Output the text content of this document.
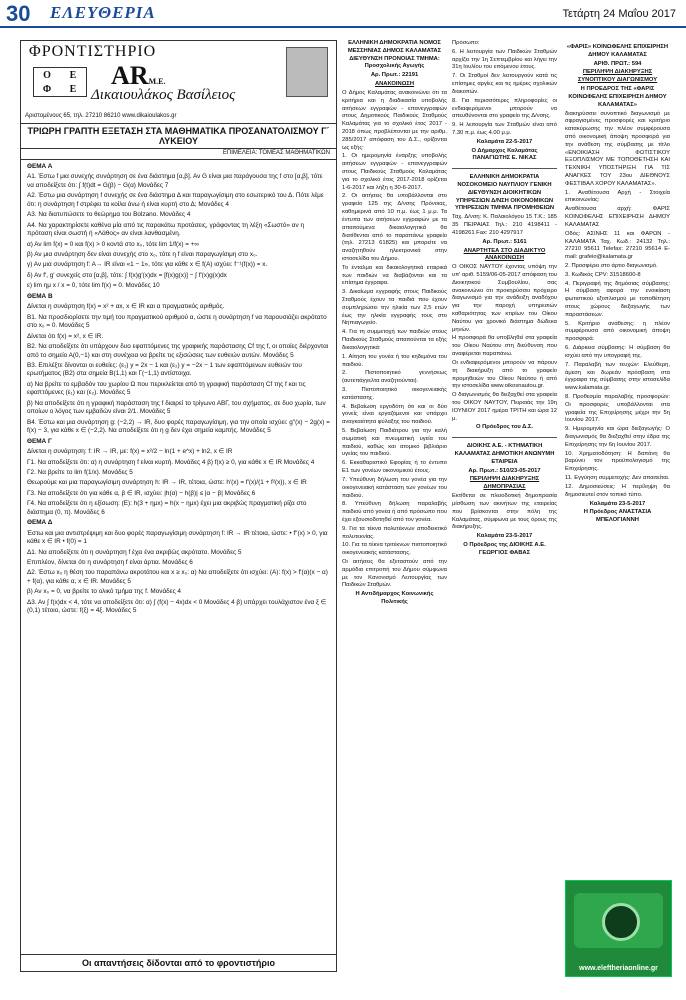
30 ΕΛΕΥΘΕΡΙΑ	Τετάρτη 24 Μαΐου 2017
ΦΡΟΝΤΙΣΤΗΡΙΟ
Ο Ε
Φ Ε ARΜ.Ε.
Δικαιουλάκος Βασίλειος
Αριστομένους 65, τηλ. 27210 86210 www.dikaioulakos.gr
ΤΡΙΩΡΗ ΓΡΑΠΤΗ ΕΞΕΤΑΣΗ ΣΤΑ ΜΑΘΗΜΑΤΙΚΑ ΠΡΟΣΑΝΑΤΟΛΙΣΜΟΥ Γ΄ ΛΥΚΕΙΟΥ
ΕΠΙΜΕΛΕΙΑ: ΤΟΜΕΑΣ ΜΑΘΗΜΑΤΙΚΩΝ

ΘΕΜΑ Α

Α1. Έστω f μια συνεχής συνάρτηση σε ένα διάστημα [α,β]. Αν G είναι μια παράγουσα της f στο [α,β], τότε να αποδείξετε ότι: ∫ f(t)dt = G(β) − G(α) Μονάδες 7

Α2. Έστω μια συνάρτηση f συνεχής σε ένα διάστημα Δ και παραγωγίσιμη στο εσωτερικό του Δ. Πότε λέμε ότι: η συνάρτηση f στρέφει τα κοίλα άνω ή είναι κυρτή στο Δ; Μονάδες 4

Α3. Να διατυπώσετε το θεώρημα του Bolzano. Μονάδες 4

Α4. Να χαρακτηρίσετε καθένα μία από τις παρακάτω προτάσεις, γράφοντας τη λέξη «Σωστό» αν η πρόταση είναι σωστή ή «Λάθος» αν είναι λανθασμένη.

α) Αν lim f(x) = 0 και f(x) > 0 κοντά στο x₀, τότε lim 1/f(x) = +∞

β) Αν μια συνάρτηση δεν είναι συνεχής στο x₀, τότε η f είναι παραγωγίσιμη στο x₀.

γ) Αν μια συνάρτηση f: A→ IR είναι «1 − 1», τότε για κάθε x ∈ f(A) ισχύει: f⁻¹(f(x)) = x.

δ) Αν f′, g′ συνεχείς στο [α,β], τότε: ∫ f(x)g′(x)dx = [f(x)g(x)] − ∫ f′(x)g(x)dx

ε) lim ημ x / x = 0, τότε lim f(x) = 0. Μονάδες 10

ΘΕΜΑ Β

Δίνεται η συνάρτηση f(x) = x² + αx, x ∈ IR και α πραγματικός αριθμός.

Β1. Να προσδιορίσετε την τιμή του πραγματικού αριθμού α, ώστε η συνάρτηση f να παρουσιάζει ακρότατο στο x₀ = 0. Μονάδες 5

Δίνεται ότι f(x) = x², x ∈ IR.

Β2. Να αποδείξετε ότι υπάρχουν δυο εφαπτόμενες της γραφικής παράστασης Cf της f, οι οποίες διέρχονται από το σημείο Α(0,−1) και στη συνέχεια να βρείτε τις εξισώσεις των ευθειών αυτών. Μονάδες 5

Β3. Επιλέξτε δίνονται οι ευθείες: (ε₁) y = 2x − 1 και (ε₂) y = −2x − 1 των εφαπτόμενων ευθειών του ερωτήματος (Β2) στα σημεία Β(1,1) και Γ(−1,1) αντίστοιχα.

α) Να βρείτε το εμβαδόν του χωρίου Ω που περικλείεται από τη γραφική παράσταση Cf της f και τις εφαπτόμενες (ε₁) και (ε₂). Μονάδες 5

β) Να αποδείξετε ότι η γραφική παράσταση της f διαιρεί το τρίγωνο ΑΒΓ, του σχήματος, σε δυο χωρία, των οποίων ο λόγος των εμβαδών είναι 2/1. Μονάδες 5

Β4. Έστω και μια συνάρτηση g: (−2,2) → IR, δυο φορές παραγωγίσιμη, για την οποία ισχύει: g″(x) − 2g(x) = f(x) − 3, για κάθε x ∈ (−2,2). Να αποδείξετε ότι η g δεν έχει σημεία καμπής. Μονάδες 5

ΘΕΜΑ Γ

Δίνεται η συνάρτηση: f: IR → IR, με: f(x) = x²/2 − ln(1 + e^x) + ln2, x ∈ IR

Γ1. Να αποδείξετε ότι: α) η συνάρτηση f είναι κυρτή. Μονάδες 4 β) f(x) ≥ 0, για κάθε x ∈ IR Μονάδες 4

Γ2. Να βρείτε το lim f(1/x). Μονάδες 5

Θεωρούμε και μια παραγωγίσιμη συνάρτηση h: IR → IR, τέτοια, ώστε: h′(x) = f′(x)/(1 + f²(x)), x ∈ IR

Γ3. Να αποδείξετε ότι για κάθε α, β ∈ IR, ισχύει: |h(α) − h(β)| ≤ |α − β| Μονάδες 6

Γ4. Να αποδείξετε ότι η εξίσωση: (Ε): h(3 + ημx) = h(x − ημx) έχει μια ακριβώς πραγματική ρίζα στο διάστημα (0, π). Μονάδες 6

ΘΕΜΑ Δ

Έστω και μια αντιστρέψιμη και δυο φορές παραγωγίσιμη συνάρτηση f: IR → IR τέτοια, ώστε: • f″(x) > 0, για κάθε x ∈ IR • f(0) = 1

Δ1. Να αποδείξετε ότι η συνάρτηση f έχει ένα ακριβώς ακρότατο. Μονάδες 5

Επιπλέον, δίνεται ότι η συνάρτηση f είναι άρτια. Μονάδες 6

Δ2. Έστω x₀ η θέση του παραπάνω ακροτάτου και x ≥ x₀: α) Να αποδείξετε ότι ισχύει: (Α): f(x) > f′(α)(x − α) + f(α), για κάθε α, x ∈ IR. Μονάδες 5

β) Αν x₀ = 0, να βρείτε το ολικό τμήμα της f. Μονάδες 4

Δ3. Αν ∫ f(x)dx < 4, τότε να αποδείξετε ότι: α) ∫ (f(x) − 4x)dx < 0 Μονάδες 4 β) υπάρχει τουλάχιστον ένα ξ ∈ (0,1) τέτοιο, ώστε: f(ξ) = 4ξ. Μονάδες 5

Οι απαντήσεις δίδονται από το φροντιστήριο

ΕΛΛΗΝΙΚΗ ΔΗΜΟΚΡΑΤΙΑ ΝΟΜΟΣ ΜΕΣΣΗΝΙΑΣ ΔΗΜΟΣ ΚΑΛΑΜΑΤΑΣ ΔΙΕΥΘΥΝΣΗ ΠΡΟΝΟΙΑΣ ΤΜΗΜΑ: Προσχολικής Αγωγής

Αρ. Πρωτ.: 22191

ΑΝΑΚΟΙΝΩΣΗ

Ο Δήμος Καλαμάτας ανακοινώνει ότι τα κριτήρια και η διαδικασία υποβολής αιτήσεων εγγραφών - επανεγγραφών στους Δημοτικούς Παιδικούς Σταθμούς Καλαμάτας για το σχολικό έτος 2017 - 2018 όπως προβλέπονται με την αριθμ. 285/2017 απόφαση του Δ.Σ., ορίζονται ως εξής:

1. Οι ημερομηνία έναρξης υποβολής αιτήσεων εγγραφών - επανεγγραφών στους Παιδικούς Σταθμούς Καλαμάτας για το σχολικό έτος 2017-2018 ορίζεται 1-6-2017 και λήξη η 30-6-2017.

2. Οι αιτήσεις θα υποβάλλονται στο γραφείο 125 της Δ/νσης Πρόνοιας, καθημερινά από 10 π.μ. έως 1 μ.μ. Τα έντυπα των αιτήσεων εγγραφών με τα απαιτούμενα δικαιολογητικά θα διατίθενται από το παραπάνω γραφείο (τηλ. 27213 61825) και μπορείτε να αναζητηθούν ηλεκτρονικά στην ιστοσελίδα του Δήμου.

Το ένταλμα και δικαιολογητικά εταιρικά των παιδιών να διαβάζονται και τα επίσημα έγγραφα.

3. Δικαίωμα εγγραφής στους Παιδικούς Σταθμούς έχουν τα παιδιά που έχουν συμπληρώσει την ηλικία των 2,5 ετών έως την ηλικία εγγραφής τους στο Νηπιαγωγείο.

4. Για τη συμμετοχή των παιδιών στους Παιδικούς Σταθμούς απαιτούνται τα εξής δικαιολογητικά:

1. Αίτηση του γονέα ή του κηδεμόνα του παιδιού.

2. Πιστοποιητικό γεννήσεως (αυτεπάγγελτα αναζητούνται).

3. Πιστοποιητικό οικογενειακής κατάστασης.

4. Βεβαίωση εργοδότη ότι και οι δύο γονείς είναι εργαζόμενοι και υπάρχει αναγκαιότητα φύλαξης του παιδιού.

5. Βεβαίωση Παιδιάτρου για την καλή σωματική και πνευματική υγεία του παιδιού, καθώς και ατομικό βιβλιάριο υγείας του παιδιού.

6. Εκκαθαριστικό Εφορίας ή το έντυπο Ε1 των γονέων οικονομικού έτους.

7. Υπεύθυνη δήλωση του γονέα για την οικογενειακή κατάσταση των γονέων του παιδιού.

8. Υπεύθυνη δήλωση παραλαβής παιδιού από γονέα ή από πρόσωπο που έχει εξουσιοδοτηθεί από τον γονέα.

9. Για τα τέκνα πολυτέκνων αποδεικτικό πολυτεκνίας.

10. Για τα τέκνα τριτέκνων πιστοποιητικό οικογενειακής κατάστασης.

Οι αιτήσεις θα εξεταστούν από την αρμόδια επιτροπή του Δήμου σύμφωνα με τον Κανονισμό Λειτουργίας των Παιδικών Σταθμών.

Η Αντιδήμαρχος Κοινωνικής Πολιτικής

Πρόσωπο:

6. Η λειτουργία των Παιδικών Σταθμών αρχίζει την 1η Σεπτεμβρίου και λήγει την 31η Ιουλίου του επόμενου έτους.

7. Οι Σταθμοί δεν λειτουργούν κατά τις επίσημες αργίες και τις ημέρες σχολικών διακοπών.

8. Για περισσότερες πληροφορίες οι ενδιαφερόμενοι μπορούν να απευθύνονται στο γραφείο της Δ/νσης.

9. Η λειτουργία των Σταθμών είναι από 7.30 π.μ. έως 4.00 μ.μ.

Καλαμάτα 22-5-2017

Ο Δήμαρχος Καλαμάτας ΠΑΝΑΓΙΩΤΗΣ Ε. ΝΙΚΑΣ

ΕΛΛΗΝΙΚΗ ΔΗΜΟΚΡΑΤΙΑ ΝΟΣΟΚΟΜΕΙΟ ΝΑΥΠΛΙΟΥ ΓΕΝΙΚΗ ΔΙΕΥΘΥΝΣΗ ΔΙΟΙΚΗΤΙΚΩΝ ΥΠΗΡΕΣΙΩΝ Δ/ΝΣΗ ΟΙΚΟΝΟΜΙΚΩΝ ΥΠΗΡΕΣΙΩΝ ΤΜΗΜΑ ΠΡΟΜΗΘΕΙΩΝ

Ταχ. Δ/νση: Κ. Παλαιολόγου 15 Τ.Κ.: 185 35 ΠΕΙΡΑΙΑΣ Τηλ.: 210 4198411 - 4198261 Fax: 210 4297917

Αρ. Πρωτ.: 5161

ΑΝΑΡΤΗΤΕΑ ΣΤΟ ΔΙΑΔΙΚΤΥΟ ΑΝΑΚΟΙΝΩΣΗ

Ο ΟΙΚΟΣ ΝΑΥΤΟΥ έχοντας υπόψη την υπ' αριθ. 5159/06-05-2017 απόφαση του Διοικητικού Συμβουλίου, σας ανακοινώνει ότι προκηρύσσει πρόχειρο διαγωνισμό για την ανάδειξη αναδόχου για την παροχή υπηρεσιών καθαριότητας των κτιρίων του Οίκου Ναύτου για χρονικό διάστημα δώδεκα μηνών.

Η προσφορά θα υποβληθεί στα γραφεία του Οίκου Ναύτου στη διεύθυνση που αναφέρεται παραπάνω.

Οι ενδιαφερόμενοι μπορούν να πάρουν τη διακήρυξη από το γραφείο προμηθειών του Οίκου Ναύτου ή από την ιστοσελίδα www.oikosnautou.gr.

Ο διαγωνισμός θα διεξαχθεί στα γραφεία του ΟΙΚΟΥ ΝΑΥΤΟΥ, Πειραιάς την 19η ΙΟΥΝΙΟΥ 2017 ημέρα ΤΡΙΤΗ και ώρα 12 μ.

Ο Πρόεδρος του Δ.Σ.

ΔΙΟΙΚΗΣ Α.Ε. - ΚΤΗΜΑΤΙΚΗ ΚΑΛΑΜΑΤΑΣ ΔΗΜΟΤΙΚΗ ΑΝΩΝΥΜΗ ΕΤΑΙΡΕΙΑ

Αρ. Πρωτ.: 510/23-05-2017

ΠΕΡΙΛΗΨΗ ΔΙΑΚΗΡΥΞΗΣ ΔΗΜΟΠΡΑΣΙΑΣ

Εκτίθεται σε πλειοδοτική δημοπρασία μίσθωση των ακινήτων της εταιρείας που βρίσκονται στην πόλη της Καλαμάτας, σύμφωνα με τους όρους της διακήρυξης.

Καλαμάτα 23-5-2017

Ο Πρόεδρος της ΔΙΟΙΚΗΣ Α.Ε. ΓΕΩΡΓΙΟΣ ΦΑΒΑΣ

«ΦΑΡΙΣ» ΚΟΙΝΩΦΕΛΗΣ ΕΠΙΧΕΙΡΗΣΗ ΔΗΜΟΥ ΚΑΛΑΜΑΤΑΣ

ΑΡΙΘ. ΠΡΩΤ.: 594

ΠΕΡΙΛΗΨΗ ΔΙΑΚΗΡΥΞΗΣ ΣΥΝΟΠΤΙΚΟΥ ΔΙΑΓΩΝΙΣΜΟΥ

Η ΠΡΟΕΔΡΟΣ ΤΗΣ «ΦΑΡΙΣ ΚΟΙΝΩΦΕΛΗΣ ΕΠΙΧΕΙΡΗΣΗ ΔΗΜΟΥ ΚΑΛΑΜΑΤΑΣ»

διακηρύσσει συνοπτικό διαγωνισμό με σφραγισμένες προσφορές και κριτήριο κατακύρωσης την πλέον συμφέρουσα από οικονομική άποψη προσφορά για την ανάθεση της σύμβασης με τίτλο «ΕΝΟΙΚΙΑΣΗ ΦΩΤΙΣΤΙΚΟΥ ΕΞΟΠΛΙΣΜΟΥ ΜΕ ΤΟΠΟΘΕΤΗΣΗ ΚΑΙ ΤΕΧΝΙΚΗ ΥΠΟΣΤΗΡΙΞΗ ΓΙΑ ΤΙΣ ΑΝΑΓΚΕΣ ΤΟΥ 23ου ΔΙΕΘΝΟΥΣ ΦΕΣΤΙΒΑΛ ΧΟΡΟΥ ΚΑΛΑΜΑΤΑΣ».

1. Αναθέτουσα Αρχή - Στοιχεία επικοινωνίας:

Αναθέτουσα αρχή: ΦΑΡΙΣ ΚΟΙΝΩΦΕΛΗΣ ΕΠΙΧΕΙΡΗΣΗ ΔΗΜΟΥ ΚΑΛΑΜΑΤΑΣ

Οδός: ΑΣΙΝΗΣ 11 και ΦΑΡΩΝ - ΚΑΛΑΜΑΤΑ Ταχ. Κωδ.: 24132 Τηλ.: 27210 95611 Telefax: 27210 95614 E-mail: grafeio@kalamata.gr

2. Προσφέρει στο άρτιο διαγωνισμό.

3. Κωδικός CPV: 31518600-8

4. Περιγραφή της δημόσιας σύμβασης: Η σύμβαση αφορά την ενοικίαση φωτιστικού εξοπλισμού με τοποθέτηση στους χώρους διεξαγωγής των παραστάσεων.

5. Κριτήριο ανάθεσης: η πλέον συμφέρουσα από οικονομική άποψη προσφορά.

6. Διάρκεια σύμβασης: Η σύμβαση θα ισχύει από την υπογραφή της.

7. Παραλαβή των τευχών: Ελεύθερη, άμεση και δωρεάν πρόσβαση στα έγγραφα της σύμβασης στην ιστοσελίδα www.kalamata.gr.

8. Προθεσμία παραλαβής προσφορών: Οι προσφορές υποβάλλονται στα γραφεία της Επιχείρησης μέχρι την 5η Ιουνίου 2017.

9. Ημερομηνία και ώρα διεξαγωγής: Ο διαγωνισμός θα διεξαχθεί στην έδρα της Επιχείρησης την 6η Ιουνίου 2017.

10. Χρηματοδότηση: Η δαπάνη θα βαρύνει τον προϋπολογισμό της Επιχείρησης.

11. Εγγύηση συμμετοχής: Δεν απαιτείται.

12. Δημοσιεύσεις: Η περίληψη θα δημοσιευτεί στον τοπικό τύπο.

Καλαμάτα 23-5-2017

Η Πρόεδρος ΑΝΑΣΤΑΣΙΑ ΜΠΕΛΟΓΙΑΝΝΗ

www.eleftheriaonline.gr
